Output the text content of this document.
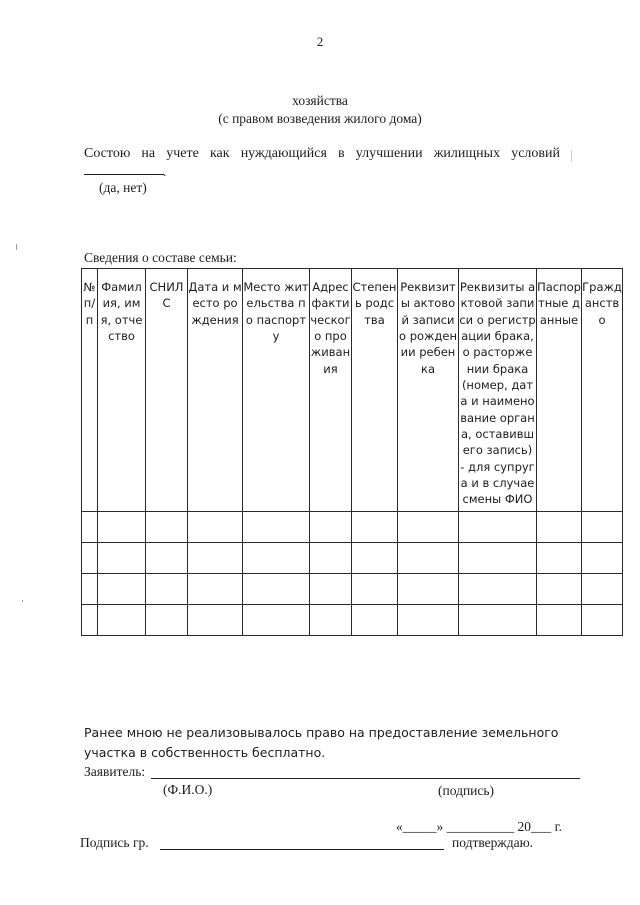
2
хозяйства
(с правом возведения жилого дома)
Состою на учете как нуждающийся в улучшении жилищных условий
.
(да, нет)
Сведения о составе семьи:
№ п/п	Фамилия, имя, отчество	СНИЛС	Дата и место рождения	Место жительства по паспорту	Адрес фактического проживания	Степень родства	Реквизиты актовой записи о рождении ребенка	Реквизиты актовой записи о регистрации брака, о расторжении брака (номер, дата и наименование органа, оставившего запись) - для супруга и в случае смены ФИО	Паспортные данные	Гражданство

Ранее мною не реализовывалось право на предоставление земельного участка в собственность бесплатно.
Заявитель:
(Ф.И.О.)	(подпись)
«_____» __________ 20___ г.
Подпись гр.	подтверждаю.
